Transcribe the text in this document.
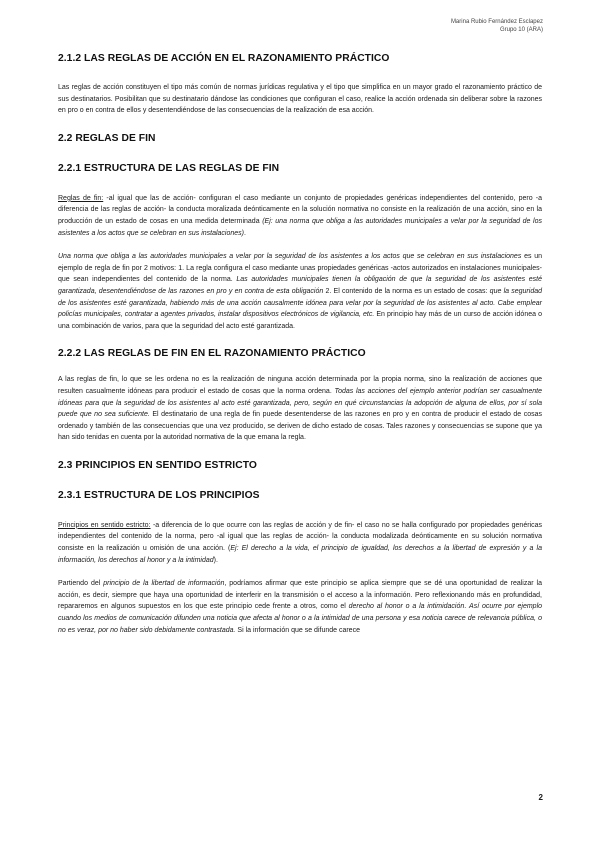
Marina Rubio Fernández Esclapez
Grupo 10 (ARA)
2.1.2 LAS REGLAS DE ACCIÓN EN EL RAZONAMIENTO PRÁCTICO

Las reglas de acción constituyen el tipo más común de normas jurídicas regulativa y el tipo que simplifica en un mayor grado el razonamiento práctico de sus destinatarios. Posibilitan que su destinatario dándose las condiciones que configuran el caso, realice la acción ordenada sin deliberar sobre la razones en pro o en contra de ellos y desentendiéndose de las consecuencias de la realización de esa acción.

2.2 REGLAS DE FIN
2.2.1 ESTRUCTURA DE LAS REGLAS DE FIN

Reglas de fin: -al igual que las de acción- configuran el caso mediante un conjunto de propiedades genéricas independientes del contenido, pero -a diferencia de las reglas de acción- la conducta moralizada deónticamente en la solución normativa no consiste en la realización de una acción, sino en la producción de un estado de cosas en una medida determinada (Ej: una norma que obliga a las autoridades municipales a velar por la seguridad de los asistentes a los actos que se celebran en sus instalaciones).

Una norma que obliga a las autoridades municipales a velar por la seguridad de los asistentes a los actos que se celebran en sus instalaciones es un ejemplo de regla de fin por 2 motivos: 1. La regla configura el caso mediante unas propiedades genéricas -actos autorizados en instalaciones municipales- que sean independientes del contenido de la norma. Las autoridades municipales tienen la obligación de que la seguridad de los asistentes esté garantizada, desentendiéndose de las razones en pro y en contra de esta obligación 2. El contenido de la norma es un estado de cosas: que la seguridad de los asistentes esté garantizada, habiendo más de una acción causalmente idónea para velar por la seguridad de los asistentes al acto. Cabe emplear policías municipales, contratar a agentes privados, instalar dispositivos electrónicos de vigilancia, etc. En principio hay más de un curso de acción idónea o una combinación de varios, para que la seguridad del acto esté garantizada.

2.2.2 LAS REGLAS DE FIN EN EL RAZONAMIENTO PRÁCTICO

A las reglas de fin, lo que se les ordena no es la realización de ninguna acción determinada por la propia norma, sino la realización de acciones que resulten casualmente idóneas para producir el estado de cosas que la norma ordena. Todas las acciones del ejemplo anterior podrían ser casualmente idóneas para que la seguridad de los asistentes al acto esté garantizada, pero, según en qué circunstancias la adopción de alguna de ellos, por sí sola puede que no sea suficiente. El destinatario de una regla de fin puede desentenderse de las razones en pro y en contra de producir el estado de cosas ordenado y también de las consecuencias que una vez producido, se deriven de dicho estado de cosas. Tales razones y consecuencias se supone que ya han sido tenidas en cuenta por la autoridad normativa de la que emana la regla.

2.3 PRINCIPIOS EN SENTIDO ESTRICTO
2.3.1 ESTRUCTURA DE LOS PRINCIPIOS

Principios en sentido estricto: -a diferencia de lo que ocurre con las reglas de acción y de fin- el caso no se halla configurado por propiedades genéricas independientes del contenido de la norma, pero -al igual que las reglas de acción- la conducta modalizada deónticamente en su solución normativa consiste en la realización u omisión de una acción. (Ej: El derecho a la vida, el principio de igualdad, los derechos a la libertad de expresión y a la información, los derechos al honor y a la intimidad).

Partiendo del principio de la libertad de información, podríamos afirmar que este principio se aplica siempre que se dé una oportunidad de realizar la acción, es decir, siempre que haya una oportunidad de interferir en la transmisión o el acceso a la información. Pero reflexionando más en profundidad, repararemos en algunos supuestos en los que este principio cede frente a otros, como el derecho al honor o a la intimidación. Así ocurre por ejemplo cuando los medios de comunicación difunden una noticia que afecta al honor o a la intimidad de una persona y esa noticia carece de relevancia pública, o no es veraz, por no haber sido debidamente contrastada. Si la información que se difunde carece

2
